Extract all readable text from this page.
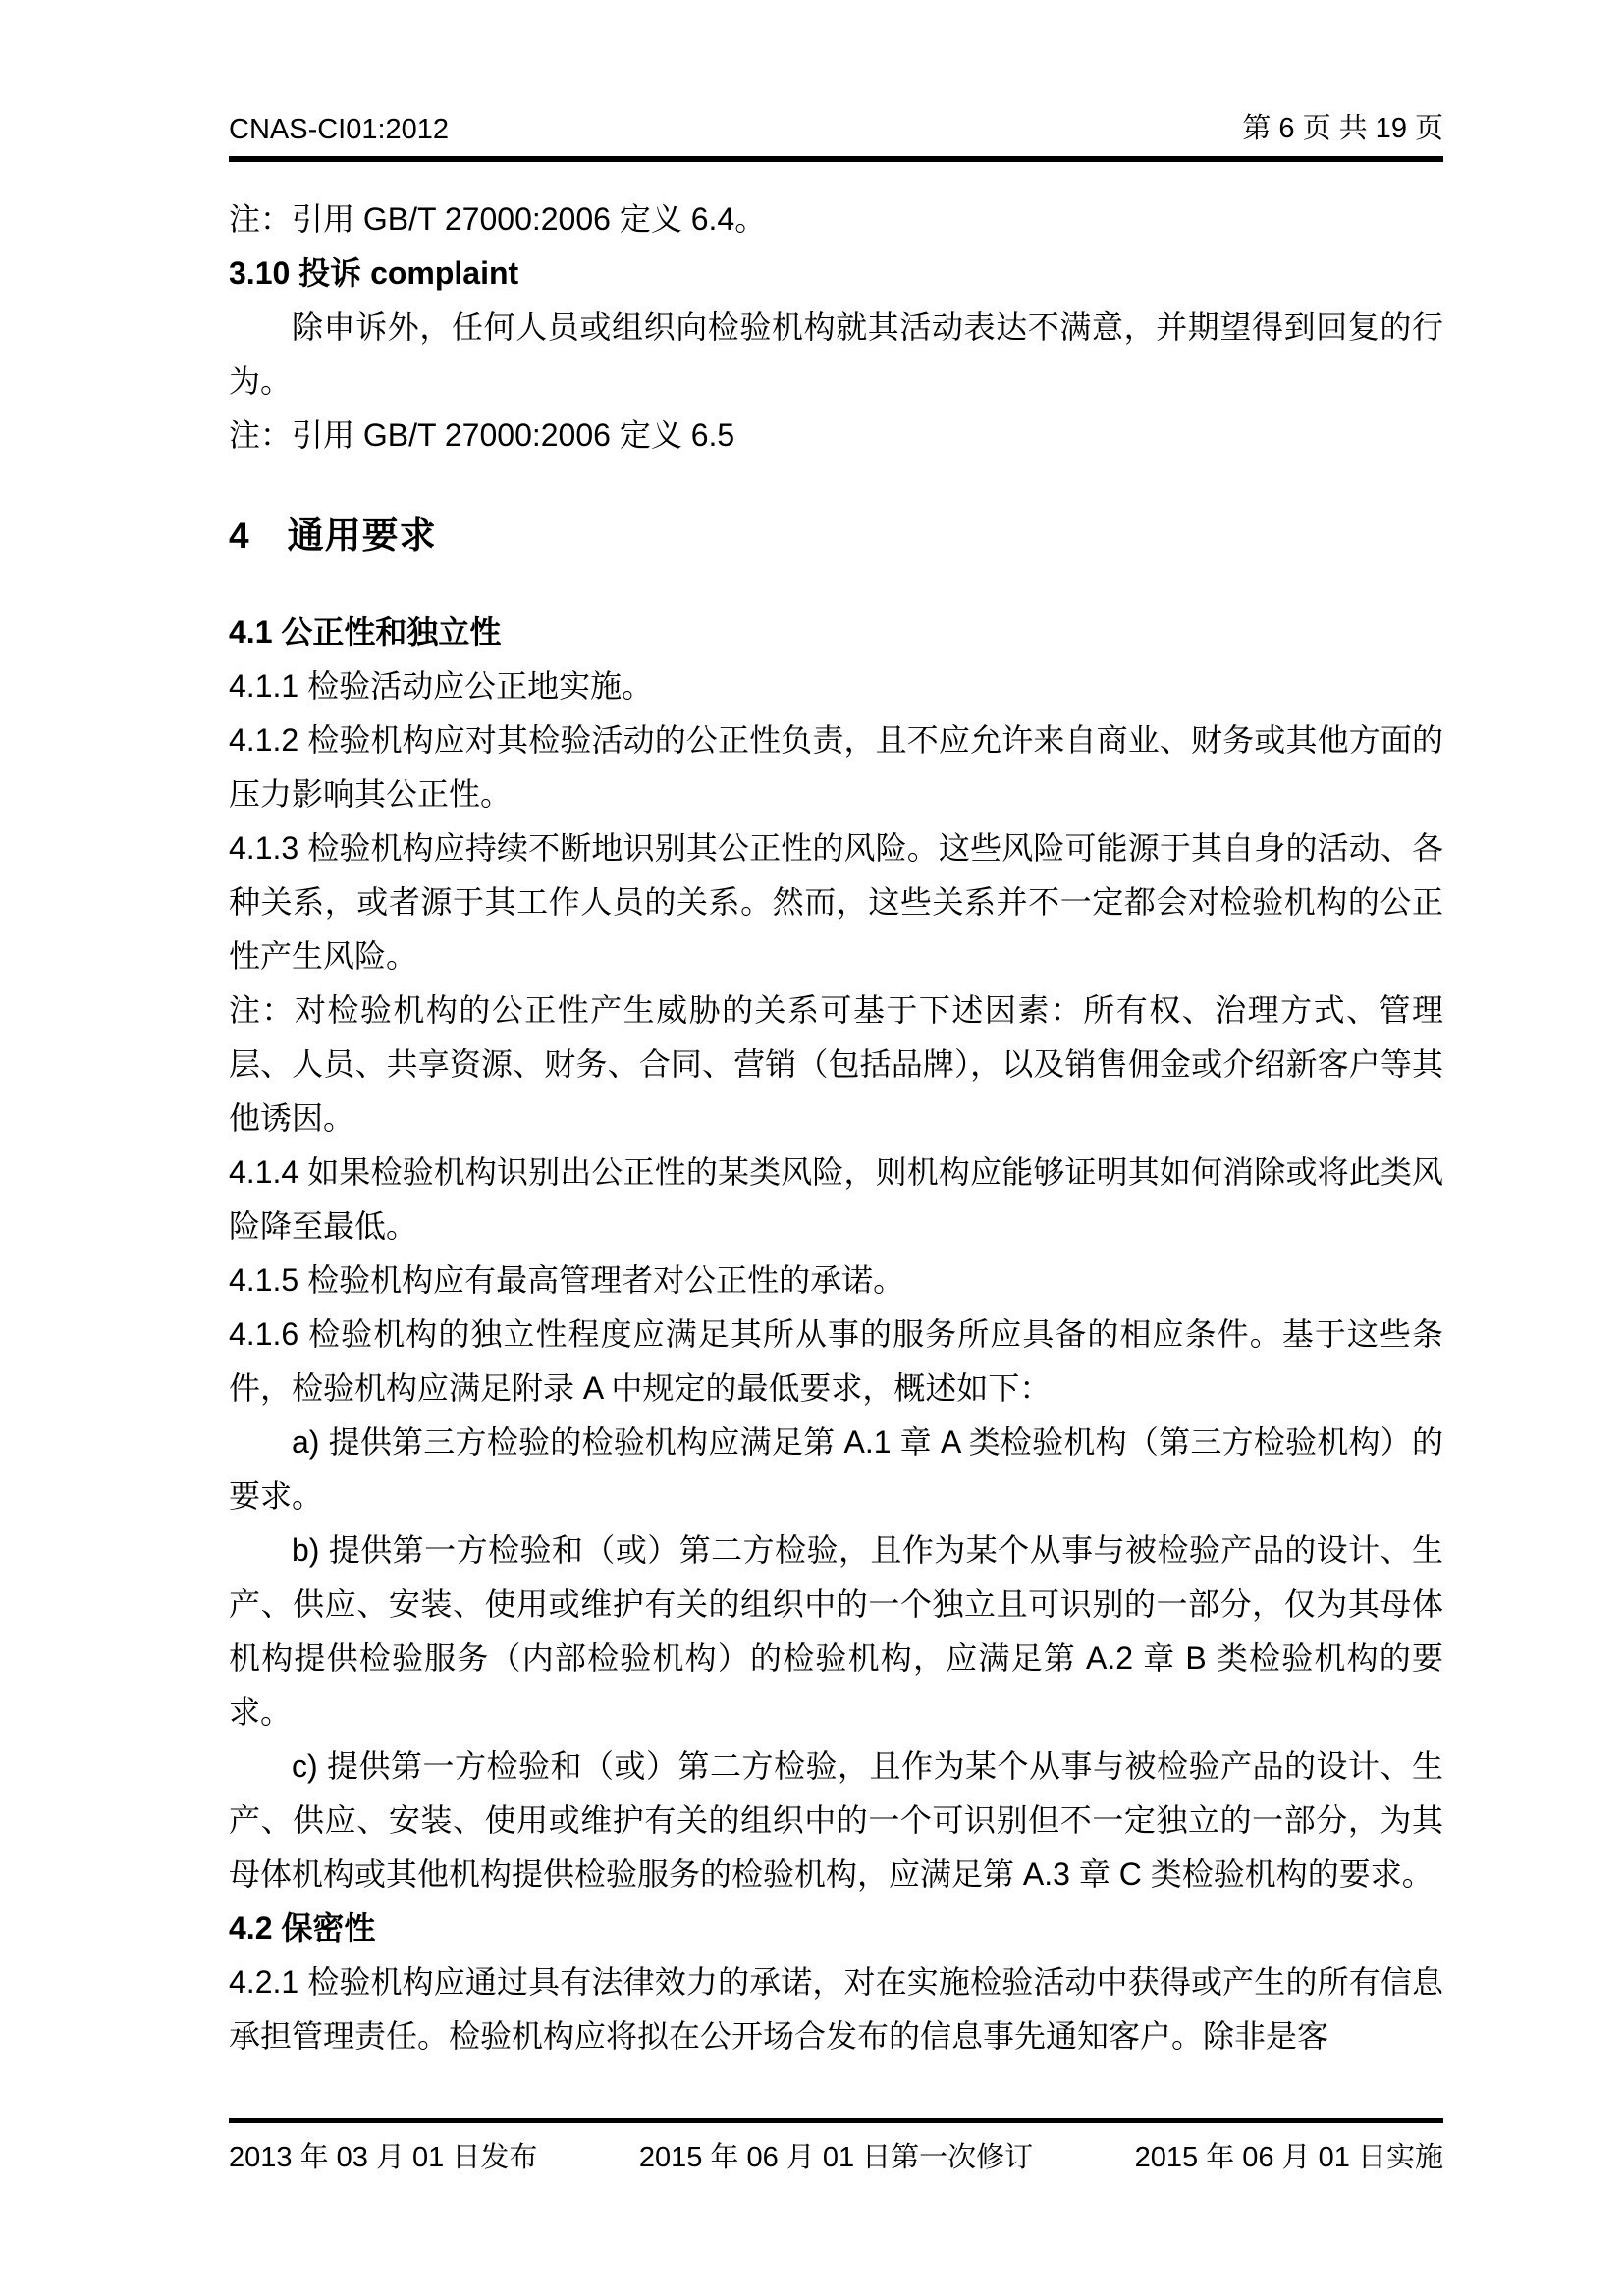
CNAS-CI01:2012	第 6 页 共 19 页
注：引用 GB/T 27000:2006 定义 6.4。
3.10 投诉 complaint
除申诉外，任何人员或组织向检验机构就其活动表达不满意，并期望得到回复的行为。
注：引用 GB/T 27000:2006 定义 6.5
4　通用要求
4.1 公正性和独立性
4.1.1 检验活动应公正地实施。
4.1.2 检验机构应对其检验活动的公正性负责，且不应允许来自商业、财务或其他方面的压力影响其公正性。
4.1.3 检验机构应持续不断地识别其公正性的风险。这些风险可能源于其自身的活动、各种关系，或者源于其工作人员的关系。然而，这些关系并不一定都会对检验机构的公正性产生风险。
注：对检验机构的公正性产生威胁的关系可基于下述因素：所有权、治理方式、管理层、人员、共享资源、财务、合同、营销（包括品牌），以及销售佣金或介绍新客户等其他诱因。
4.1.4 如果检验机构识别出公正性的某类风险，则机构应能够证明其如何消除或将此类风险降至最低。
4.1.5 检验机构应有最高管理者对公正性的承诺。
4.1.6 检验机构的独立性程度应满足其所从事的服务所应具备的相应条件。基于这些条件，检验机构应满足附录 A 中规定的最低要求，概述如下：
a) 提供第三方检验的检验机构应满足第 A.1 章 A 类检验机构（第三方检验机构）的要求。
b) 提供第一方检验和（或）第二方检验，且作为某个从事与被检验产品的设计、生产、供应、安装、使用或维护有关的组织中的一个独立且可识别的一部分，仅为其母体机构提供检验服务（内部检验机构）的检验机构，应满足第 A.2 章 B 类检验机构的要求。
c) 提供第一方检验和（或）第二方检验，且作为某个从事与被检验产品的设计、生产、供应、安装、使用或维护有关的组织中的一个可识别但不一定独立的一部分，为其母体机构或其他机构提供检验服务的检验机构，应满足第 A.3 章 C 类检验机构的要求。
4.2 保密性
4.2.1 检验机构应通过具有法律效力的承诺，对在实施检验活动中获得或产生的所有信息承担管理责任。检验机构应将拟在公开场合发布的信息事先通知客户。除非是客
2013 年 03 月 01 日发布	2015 年 06 月 01 日第一次修订	2015 年 06 月 01 日实施
